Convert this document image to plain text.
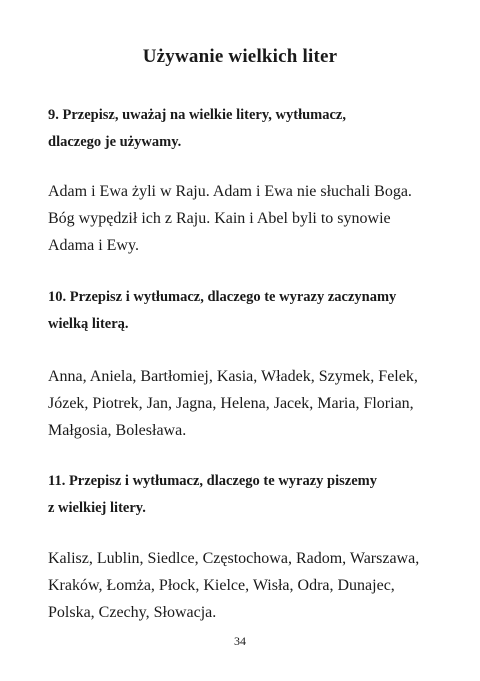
Używanie wielkich liter
9. Przepisz, uważaj na wielkie litery, wytłumacz,
dlaczego je używamy.
Adam i Ewa żyli w Raju. Adam i Ewa nie słuchali Boga.
Bóg wypędził ich z Raju. Kain i Abel byli to synowie
Adama i Ewy.
10. Przepisz i wytłumacz, dlaczego te wyrazy zaczynamy
wielką literą.
Anna, Aniela, Bartłomiej, Kasia, Władek, Szymek, Felek,
Józek, Piotrek, Jan, Jagna, Helena, Jacek, Maria, Florian,
Małgosia, Bolesława.
11. Przepisz i wytłumacz, dlaczego te wyrazy piszemy
z wielkiej litery.
Kalisz, Lublin, Siedlce, Częstochowa, Radom, Warszawa,
Kraków, Łomża, Płock, Kielce, Wisła, Odra, Dunajec,
Polska, Czechy, Słowacja.
34
